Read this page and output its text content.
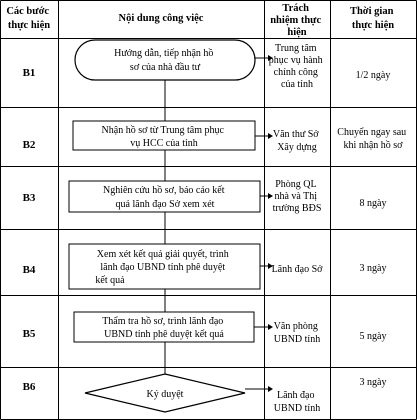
Các bước thực hiện
Nội dung công việc
Trách nhiệm thực hiện
Thời gian thực hiện
B1
B2
B3
B4
B5
B6
Hướng dẫn, tiếp nhận hồ sơ của nhà đầu tư
Nhận hồ sơ từ Trung tâm phục vụ HCC của tỉnh
Nghiên cứu hồ sơ, báo cáo kết quả lãnh đạo Sở xem xét
Xem xét kết quả giải quyết, trình lãnh đạo UBND tỉnh phê duyệt kết quả
Thẩm tra hồ sơ, trình lãnh đạo UBND tỉnh phê duyệt kết quả
Ký duyệt
Trung tâm phục vụ hành chính công của tỉnh
Văn thư Sở Xây dựng
Phòng QL nhà và Thị trường BĐS
Lãnh đạo Sở
Văn phòng UBND tỉnh
Lãnh đạo UBND tỉnh
1/2 ngày
Chuyển ngay sau khi nhận hồ sơ
8 ngày
3 ngày
5 ngày
3 ngày
